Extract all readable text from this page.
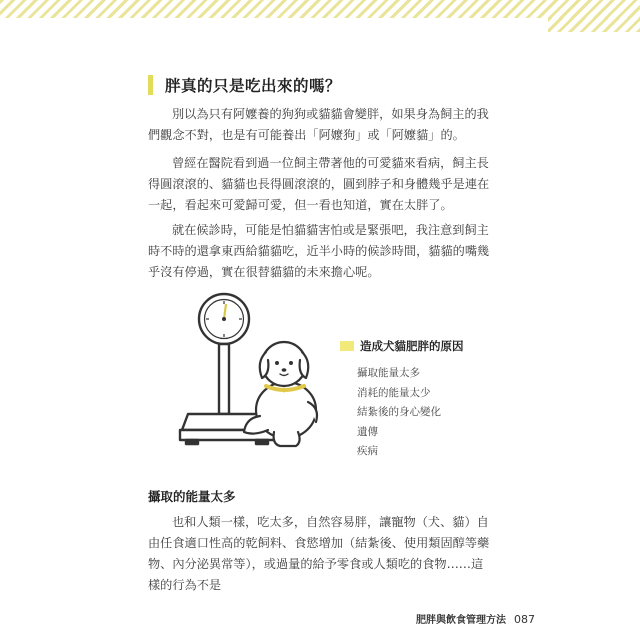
胖真的只是吃出來的嗎？

別以為只有阿嬤養的狗狗或貓貓會變胖，如果身為飼主的我們觀念不對，也是有可能養出「阿嬤狗」或「阿嬤貓」的。

曾經在醫院看到過一位飼主帶著他的可愛貓來看病，飼主長得圓滾滾的、貓貓也長得圓滾滾的，圓到脖子和身體幾乎是連在一起，看起來可愛歸可愛，但一看也知道，實在太胖了。

就在候診時，可能是怕貓貓害怕或是緊張吧，我注意到飼主時不時的還拿東西給貓貓吃，近半小時的候診時間，貓貓的嘴幾乎沒有停過，實在很替貓貓的未來擔心呢。

造成犬貓肥胖的原因
攝取能量太多
消耗的能量太少
結紮後的身心變化
遺傳
疾病
攝取的能量太多

也和人類一樣，吃太多，自然容易胖，讓寵物（犬、貓）自由任食適口性高的乾飼料、食慾增加（結紮後、使用類固醇等藥物、內分泌異常等），或過量的給予零食或人類吃的食物……這樣的行為不是

肥胖與飲食管理方法 087
